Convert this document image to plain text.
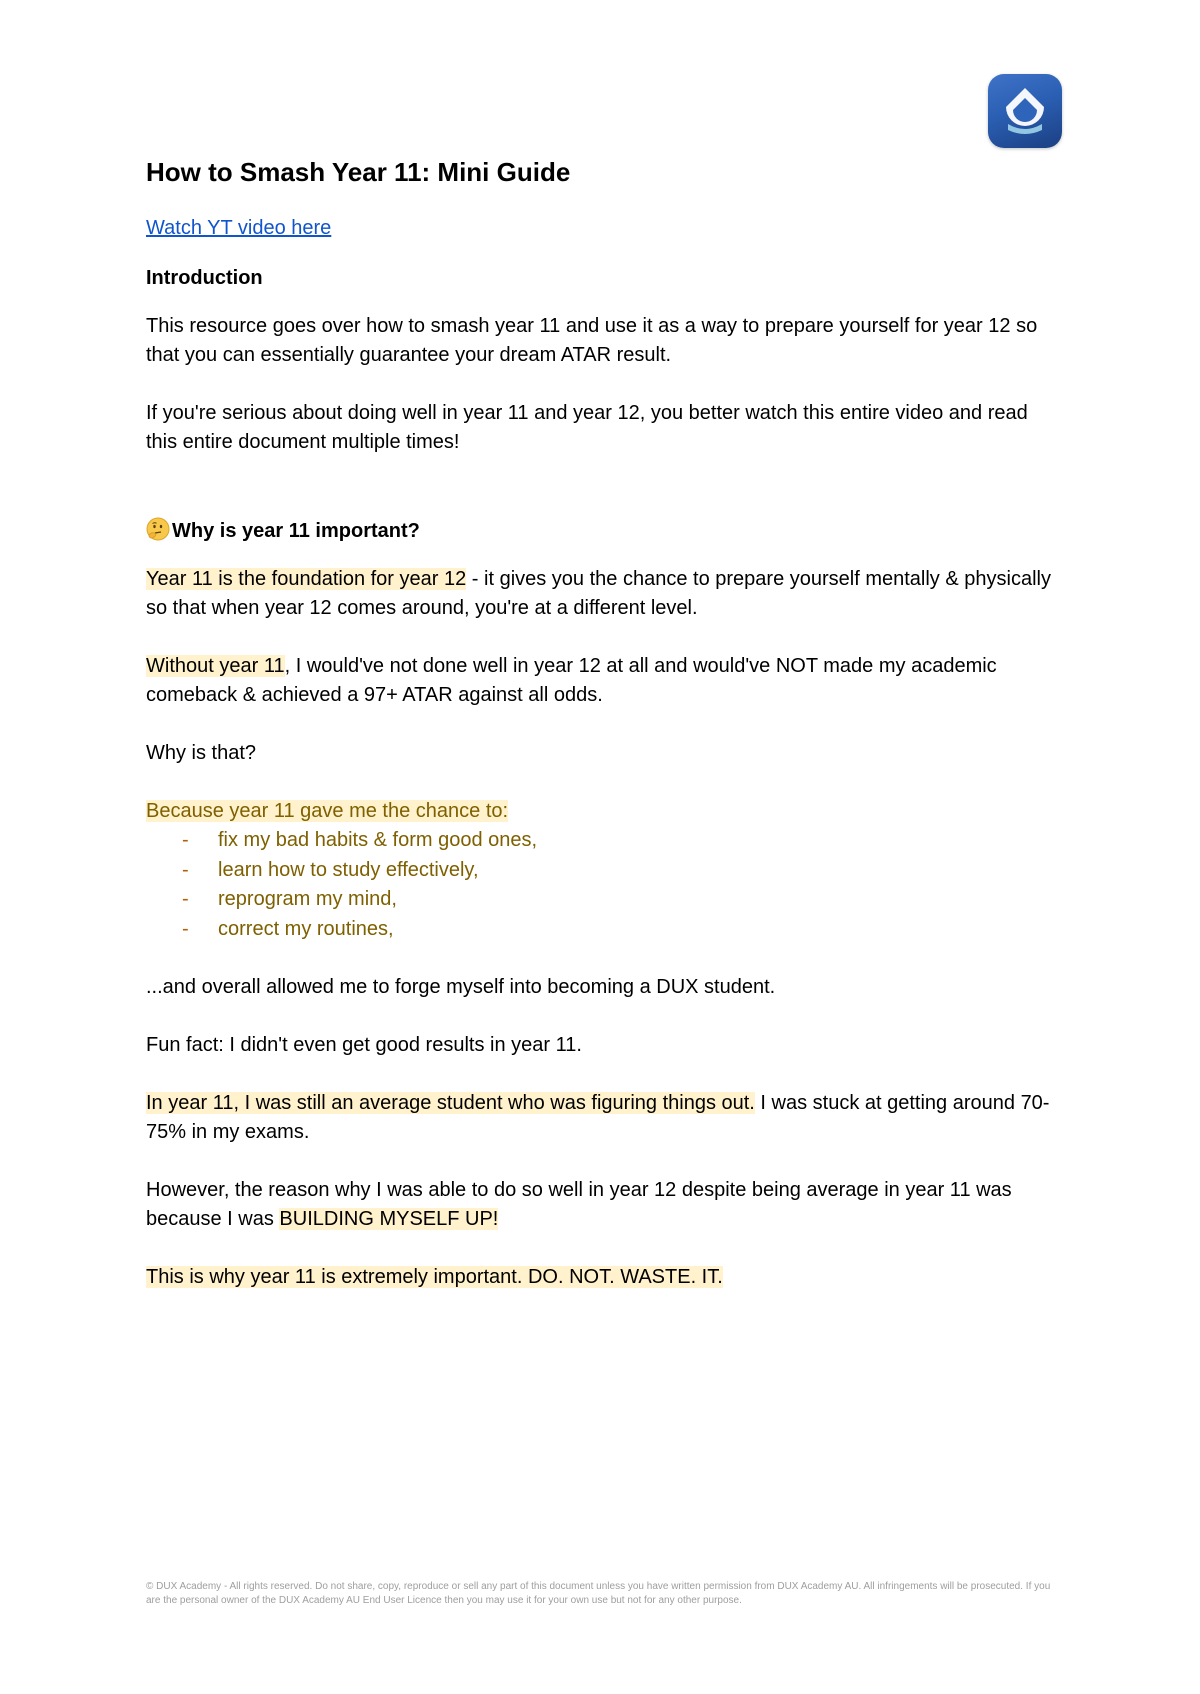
How to Smash Year 11: Mini Guide
Watch YT video here
Introduction

This resource goes over how to smash year 11 and use it as a way to prepare yourself for year 12 so that you can essentially guarantee your dream ATAR result.

If you're serious about doing well in year 11 and year 12, you better watch this entire video and read this entire document multiple times!

Why is year 11 important?

Year 11 is the foundation for year 12 - it gives you the chance to prepare yourself mentally & physically so that when year 12 comes around, you're at a different level.

Without year 11, I would've not done well in year 12 at all and would've NOT made my academic comeback & achieved a 97+ ATAR against all odds.

Why is that?

Because year 11 gave me the chance to:

- fix my bad habits & form good ones,
- learn how to study effectively,
- reprogram my mind,
- correct my routines,

...and overall allowed me to forge myself into becoming a DUX student.

Fun fact: I didn't even get good results in year 11.

In year 11, I was still an average student who was figuring things out. I was stuck at getting around 70-75% in my exams.

However, the reason why I was able to do so well in year 12 despite being average in year 11 was because I was BUILDING MYSELF UP!

This is why year 11 is extremely important. DO. NOT. WASTE. IT.

© DUX Academy - All rights reserved. Do not share, copy, reproduce or sell any part of this document unless you have written permission from DUX Academy AU. All infringements will be prosecuted. If you are the personal owner of the DUX Academy AU End User Licence then you may use it for your own use but not for any other purpose.
